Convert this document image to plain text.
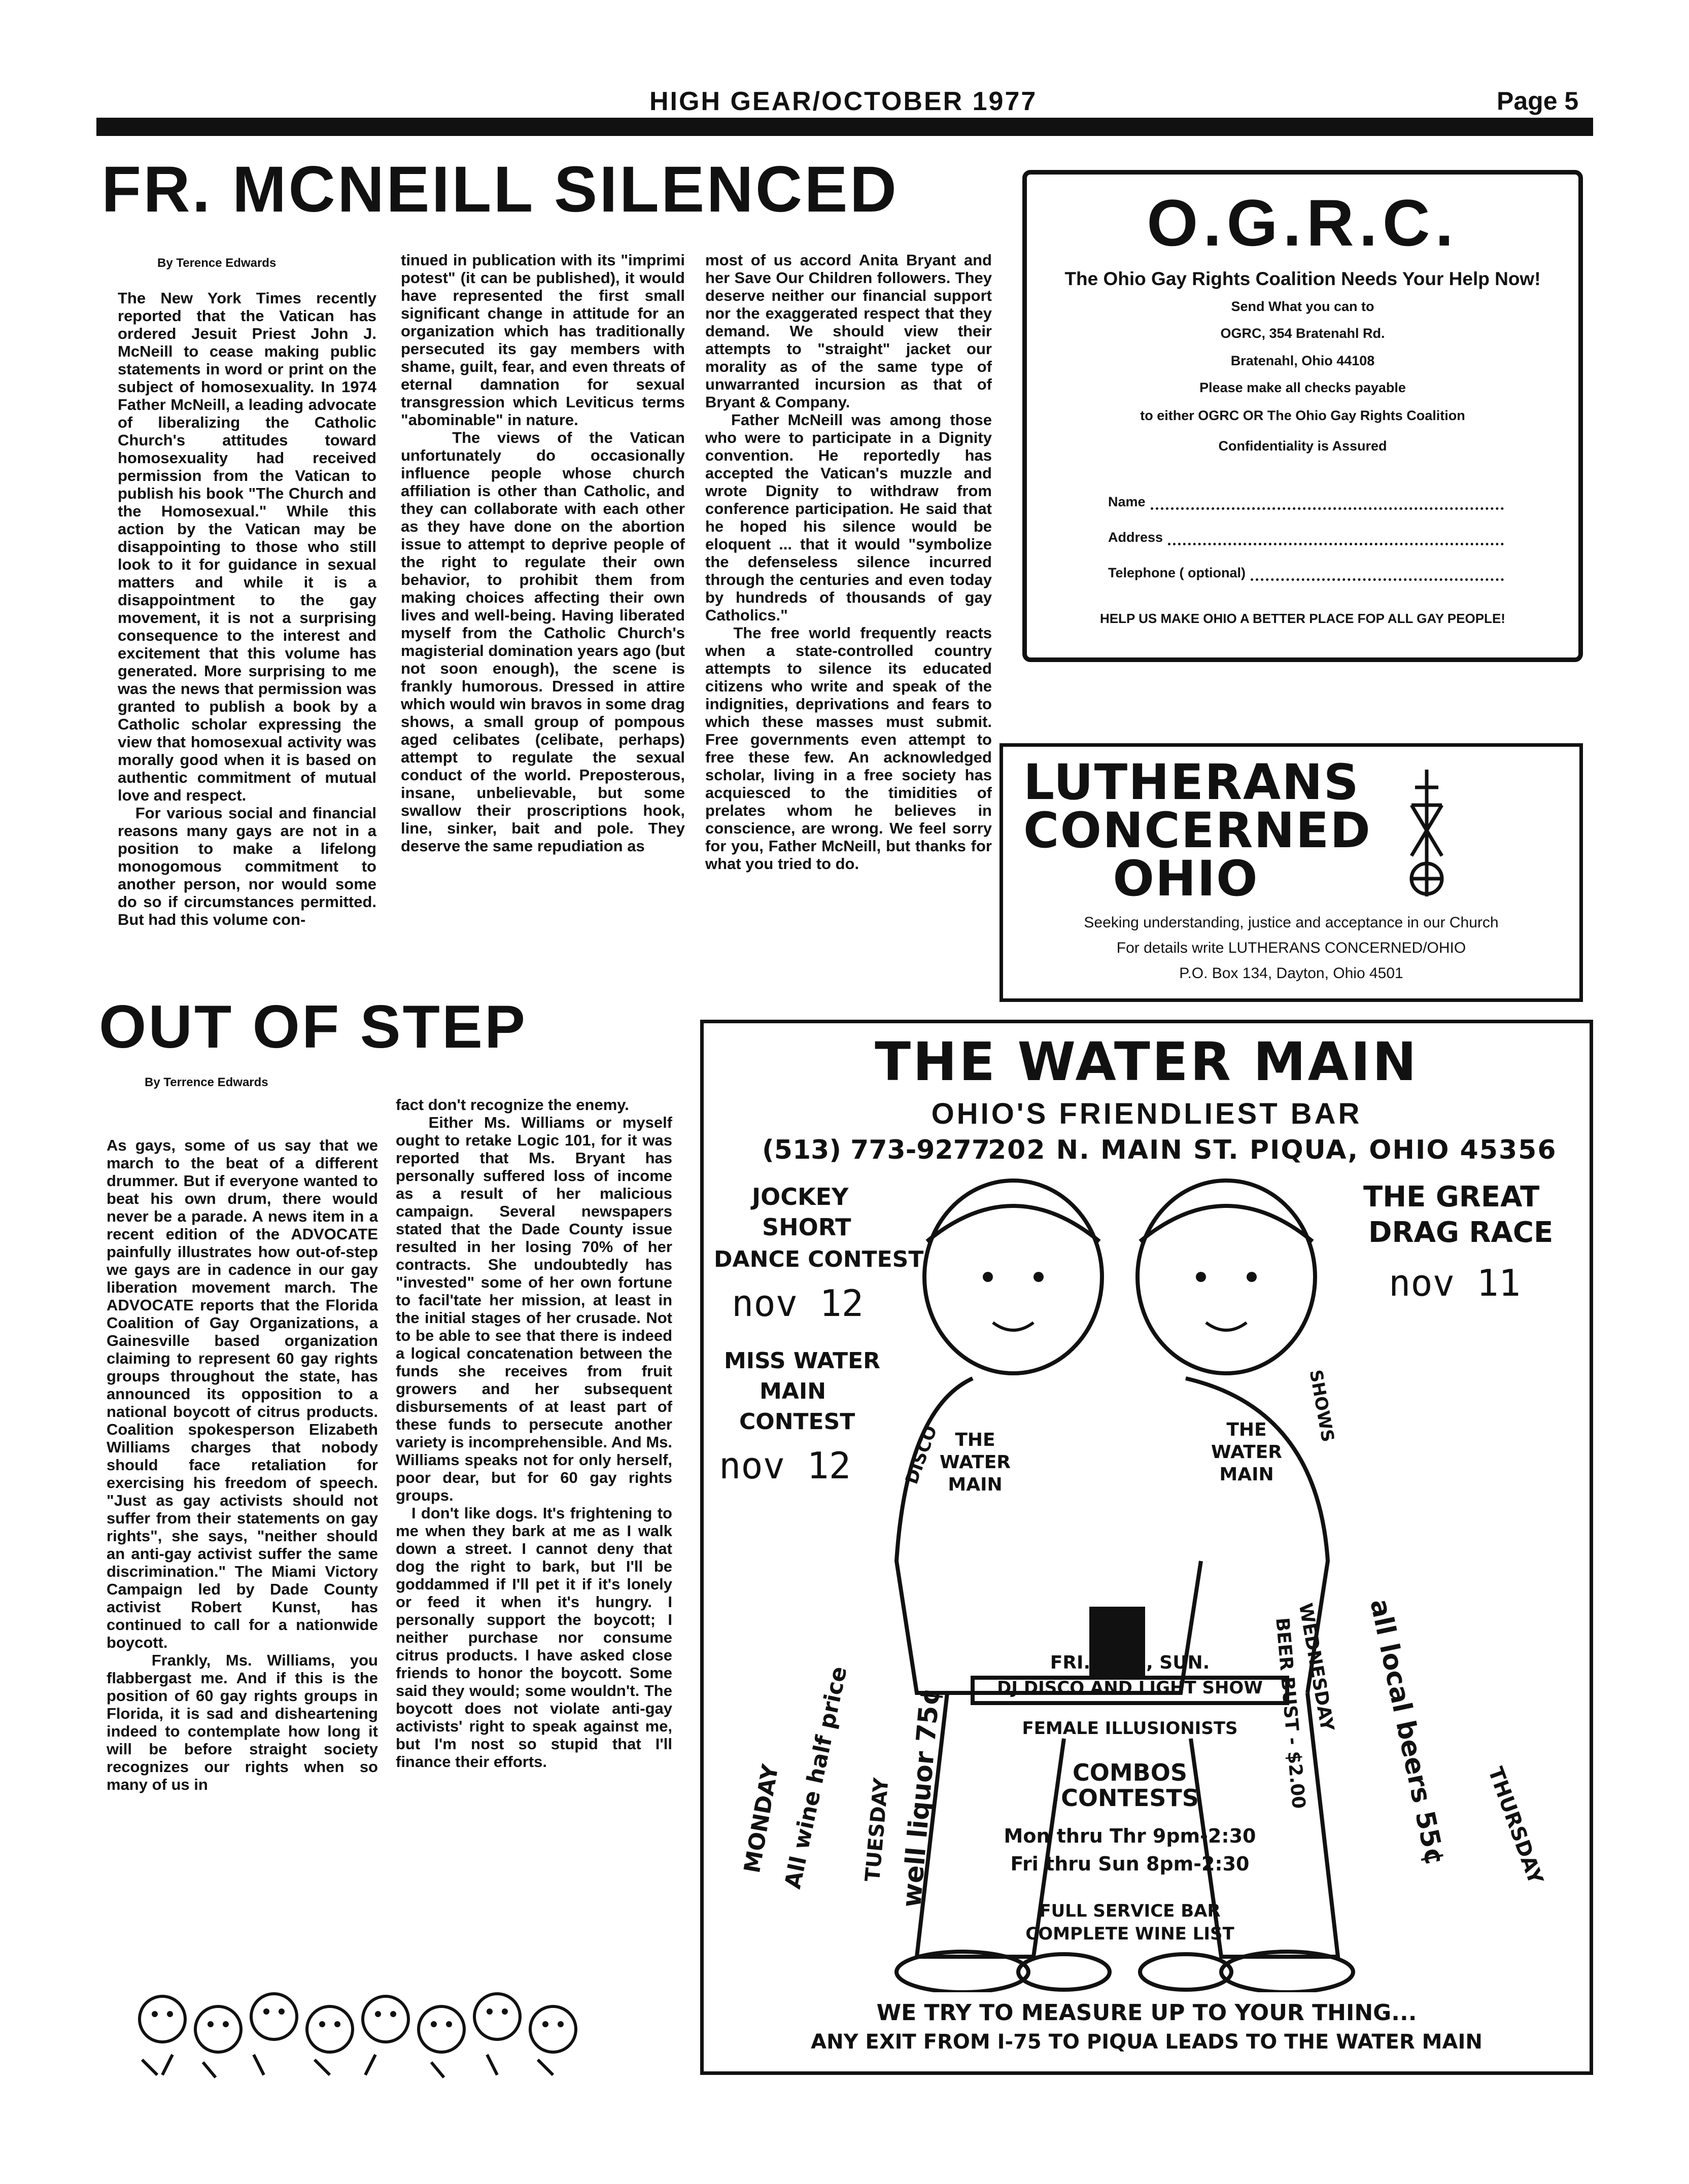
HIGH GEAR/OCTOBER 1977	Page 5
FR. MCNEILL SILENCED
By Terence Edwards
The New York Times recently reported that the Vatican has ordered Jesuit Priest John J. McNeill to cease making public statements in word or print on the subject of homosexuality. In 1974 Father McNeill, a leading advocate of liberalizing the Catholic Church's attitudes toward homosexuality had received permission from the Vatican to publish his book "The Church and the Homosexual." While this action by the Vatican may be disappointing to those who still look to it for guidance in sexual matters and while it is a disappointment to the gay movement, it is not a surprising consequence to the interest and excitement that this volume has generated. More surprising to me was the news that permission was granted to publish a book by a Catholic scholar expressing the view that homosexual activity was morally good when it is based on authentic commitment of mutual love and respect.
For various social and financial reasons many gays are not in a position to make a lifelong monogomous commitment to another person, nor would some do so if circumstances permitted. But had this volume con-
tinued in publication with its "imprimi potest" (it can be published), it would have represented the first small significant change in attitude for an organization which has traditionally persecuted its gay members with shame, guilt, fear, and even threats of eternal damnation for sexual transgression which Leviticus terms "abominable" in nature.
The views of the Vatican unfortunately do occasionally influence people whose church affiliation is other than Catholic, and they can collaborate with each other as they have done on the abortion issue to attempt to deprive people of the right to regulate their own behavior, to prohibit them from making choices affecting their own lives and well-being. Having liberated myself from the Catholic Church's magisterial domination years ago (but not soon enough), the scene is frankly humorous. Dressed in attire which would win bravos in some drag shows, a small group of pompous aged celibates (celibate, perhaps) attempt to regulate the sexual conduct of the world. Preposterous, insane, unbelievable, but some swallow their proscriptions hook, line, sinker, bait and pole. They deserve the same repudiation as
most of us accord Anita Bryant and her Save Our Children followers. They deserve neither our financial support nor the exaggerated respect that they demand. We should view their attempts to "straight" jacket our morality as of the same type of unwarranted incursion as that of Bryant & Company.
Father McNeill was among those who were to participate in a Dignity convention. He reportedly has accepted the Vatican's muzzle and wrote Dignity to withdraw from conference participation. He said that he hoped his silence would be eloquent ... that it would "symbolize the defenseless silence incurred through the centuries and even today by hundreds of thousands of gay Catholics."
The free world frequently reacts when a state-controlled country attempts to silence its educated citizens who write and speak of the indignities, deprivations and fears to which these masses must submit. Free governments even attempt to free these few. An acknowledged scholar, living in a free society has acquiesced to the timidities of prelates whom he believes in conscience, are wrong. We feel sorry for you, Father McNeill, but thanks for what you tried to do.
O.G.R.C.
The Ohio Gay Rights Coalition Needs Your Help Now!
Send What you can to
OGRC, 354 Bratenahl Rd.
Bratenahl, Ohio 44108
Please make all checks payable
to either OGRC OR The Ohio Gay Rights Coalition
Confidentiality is Assured
Name
Address
Telephone ( optional)
HELP US MAKE OHIO A BETTER PLACE FOP ALL GAY PEOPLE!
LUTHERANS
CONCERNED
OHIO
Seeking understanding, justice and acceptance in our Church
For details write LUTHERANS CONCERNED/OHIO
P.O. Box 134, Dayton, Ohio 4501
OUT OF STEP
By Terrence Edwards
As gays, some of us say that we march to the beat of a different drummer. But if everyone wanted to beat his own drum, there would never be a parade. A news item in a recent edition of the ADVOCATE painfully illustrates how out-of-step we gays are in cadence in our gay liberation movement march. The ADVOCATE reports that the Florida Coalition of Gay Organizations, a Gainesville based organization claiming to represent 60 gay rights groups throughout the state, has announced its opposition to a national boycott of citrus products. Coalition spokesperson Elizabeth Williams charges that nobody should face retaliation for exercising his freedom of speech. "Just as gay activists should not suffer from their statements on gay rights", she says, "neither should an anti-gay activist suffer the same discrimination." The Miami Victory Campaign led by Dade County activist Robert Kunst, has continued to call for a nationwide boycott.
Frankly, Ms. Williams, you flabbergast me. And if this is the position of 60 gay rights groups in Florida, it is sad and disheartening indeed to contemplate how long it will be before straight society recognizes our rights when so many of us in
fact don't recognize the enemy.
Either Ms. Williams or myself ought to retake Logic 101, for it was reported that Ms. Bryant has personally suffered loss of income as a result of her malicious campaign. Several newspapers stated that the Dade County issue resulted in her losing 70% of her contracts. She undoubtedly has "invested" some of her own fortune to facil'tate her mission, at least in the initial stages of her crusade. Not to be able to see that there is indeed a logical concatenation between the funds she receives from fruit growers and her subsequent disbursements of at least part of these funds to persecute another variety is incomprehensible. And Ms. Williams speaks not for only herself, poor dear, but for 60 gay rights groups.
I don't like dogs. It's frightening to me when they bark at me as I walk down a street. I cannot deny that dog the right to bark, but I'll be goddammed if I'll pet it if it's lonely or feed it when it's hungry. I personally support the boycott; I neither purchase nor consume citrus products. I have asked close friends to honor the boycott. Some said they would; some wouldn't. The boycott does not violate anti-gay activists' right to speak against me, but I'm nost so stupid that I'll finance their efforts.
THE WATER MAIN
OHIO'S FRIENDLIEST BAR
(513) 773-9277
202 N. MAIN ST. PIQUA, OHIO 45356
JOCKEY
SHORT
DANCE CONTEST
nov 12
MISS WATER
MAIN
CONTEST
nov 12
THE GREAT
DRAG RACE
nov 11
THE WATER MAIN
THE WATER MAIN
DISCO
SHOWS
MONDAY
All wine half price TUESDAY well liquor 75¢
WEDNESDAY
BEER BUST - $2.00 all local beers 55¢ THURSDAY
FRI., SAT., SUN.
DJ DISCO AND LIGHT SHOW
FEMALE ILLUSIONISTS
COMBOS
CONTESTS
Mon thru Thr 9pm-2:30
Fri thru Sun 8pm-2:30
FULL SERVICE BAR
COMPLETE WINE LIST
WE TRY TO MEASURE UP TO YOUR THING...
ANY EXIT FROM I-75 TO PIQUA LEADS TO THE WATER MAIN
